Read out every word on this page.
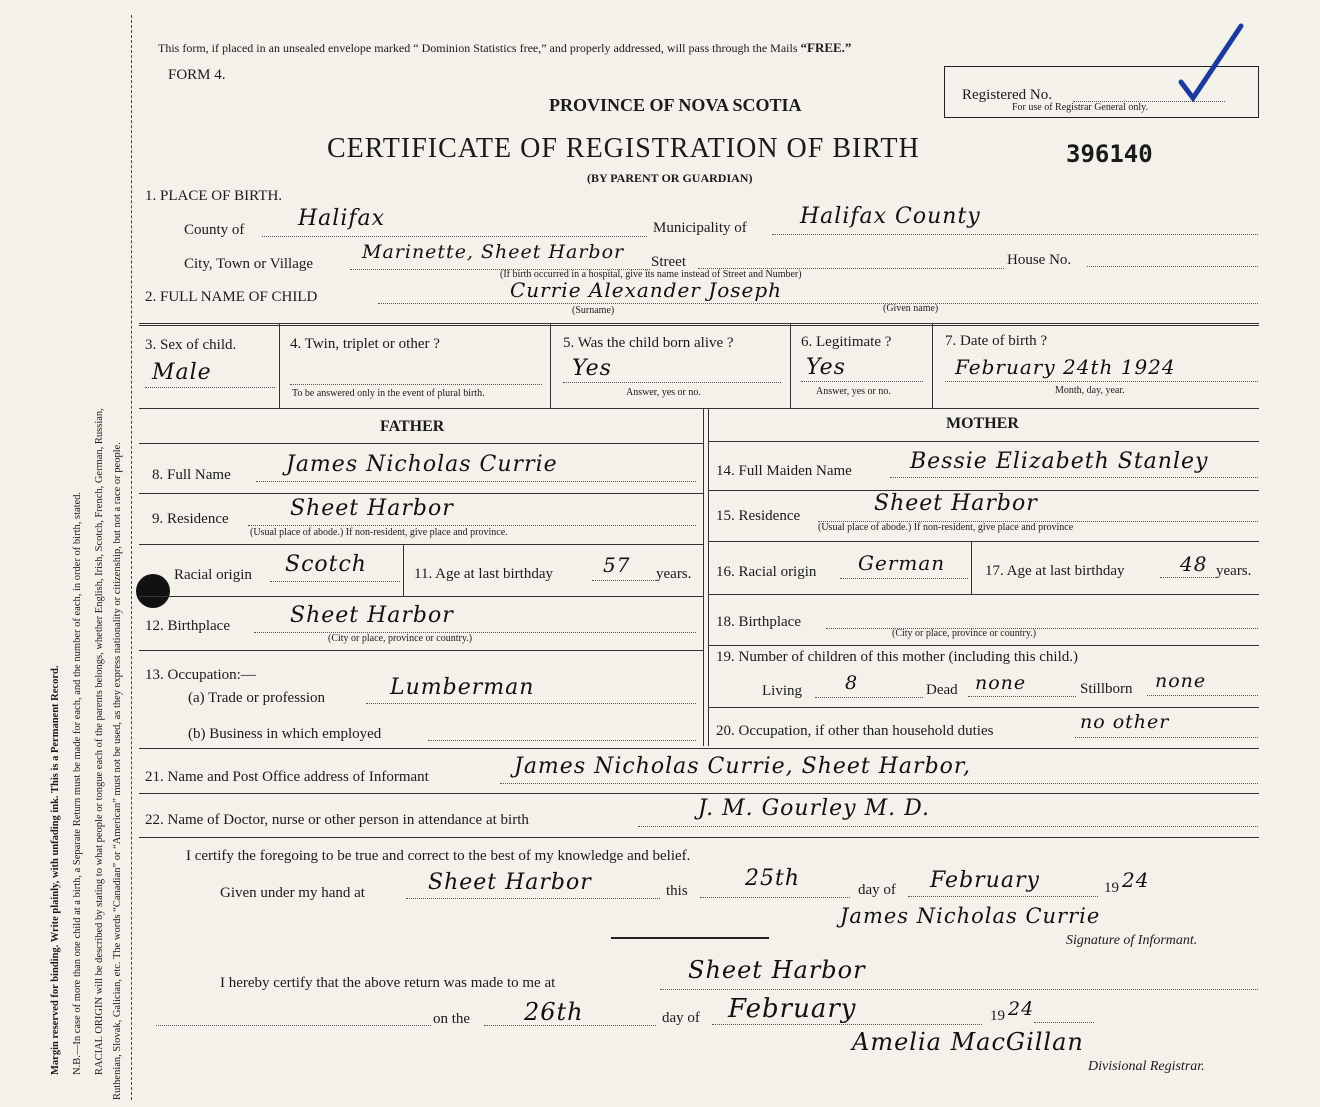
Margin reserved for binding. Write plainly, with unfading ink. This is a Permanent Record. N.B.—In case of more than one child at a birth, a Separate Return must be made for each, and the number of each, in order of birth, stated. RACIAL ORIGIN will be described by stating to what people or tongue each of the parents belongs, whether English, Irish, Scotch, French, German, Russian, Ruthenian, Slovak, Galician, etc. The words “Canadian” or “American” must not be used, as they express nationality or citizenship, but not a race or people.
This form, if placed in an unsealed envelope marked “ Dominion Statistics free,” and properly addressed, will pass through the Mails “FREE.”
FORM 4.
PROVINCE OF NOVA SCOTIA
CERTIFICATE OF REGISTRATION OF BIRTH
(BY PARENT OR GUARDIAN)
396140
Registered No.
For use of Registrar General only.
1. PLACE OF BIRTH.
County of Halifax	Municipality of Halifax County
City, Town or Village
Marinette, Sheet Harbor Street	House No.
(If birth occurred in a hospital, give its name instead of Street and Number)
2. FULL NAME OF CHILD	Currie Alexander Joseph
(Surname)	(Given name)
3. Sex of child.
Male
4. Twin, triplet or other ?
To be answered only in the event of plural birth.
5. Was the child born alive ?
Yes
Answer, yes or no.
6. Legitimate ?
Yes
Answer, yes or no.
7. Date of birth ?
February 24th 1924
Month, day, year.
FATHER	MOTHER
8. Full Name	James Nicholas Currie
9. Residence	Sheet Harbor
(Usual place of abode.) If non-resident, give place and province.
Racial origin Scotch	11. Age at last birthday	57 years.
12. Birthplace	Sheet Harbor
(City or place, province or country.)
13. Occupation:—
(a) Trade or profession	Lumberman
(b) Business in which employed
14. Full Maiden Name	Bessie Elizabeth Stanley
15. Residence	Sheet Harbor
(Usual place of abode.) If non-resident, give place and province
16. Racial origin German	17. Age at last birthday	48 years.
18. Birthplace
(City or place, province or country.)
19. Number of children of this mother (including this child.)
Living 8	Dead none	Stillborn none
20. Occupation, if other than household duties	no other
21. Name and Post Office address of Informant	James Nicholas Currie, Sheet Harbor,
22. Name of Doctor, nurse or other person in attendance at birth	J. M. Gourley M. D.
I certify the foregoing to be true and correct to the best of my knowledge and belief.
Given under my hand at	Sheet Harbor	this	25th	day of February	19 24
James Nicholas Currie
Signature of Informant.
I hereby certify that the above return was made to me at	Sheet Harbor
on the 26th	day of February	19 24
Amelia MacGillan
Divisional Registrar.
